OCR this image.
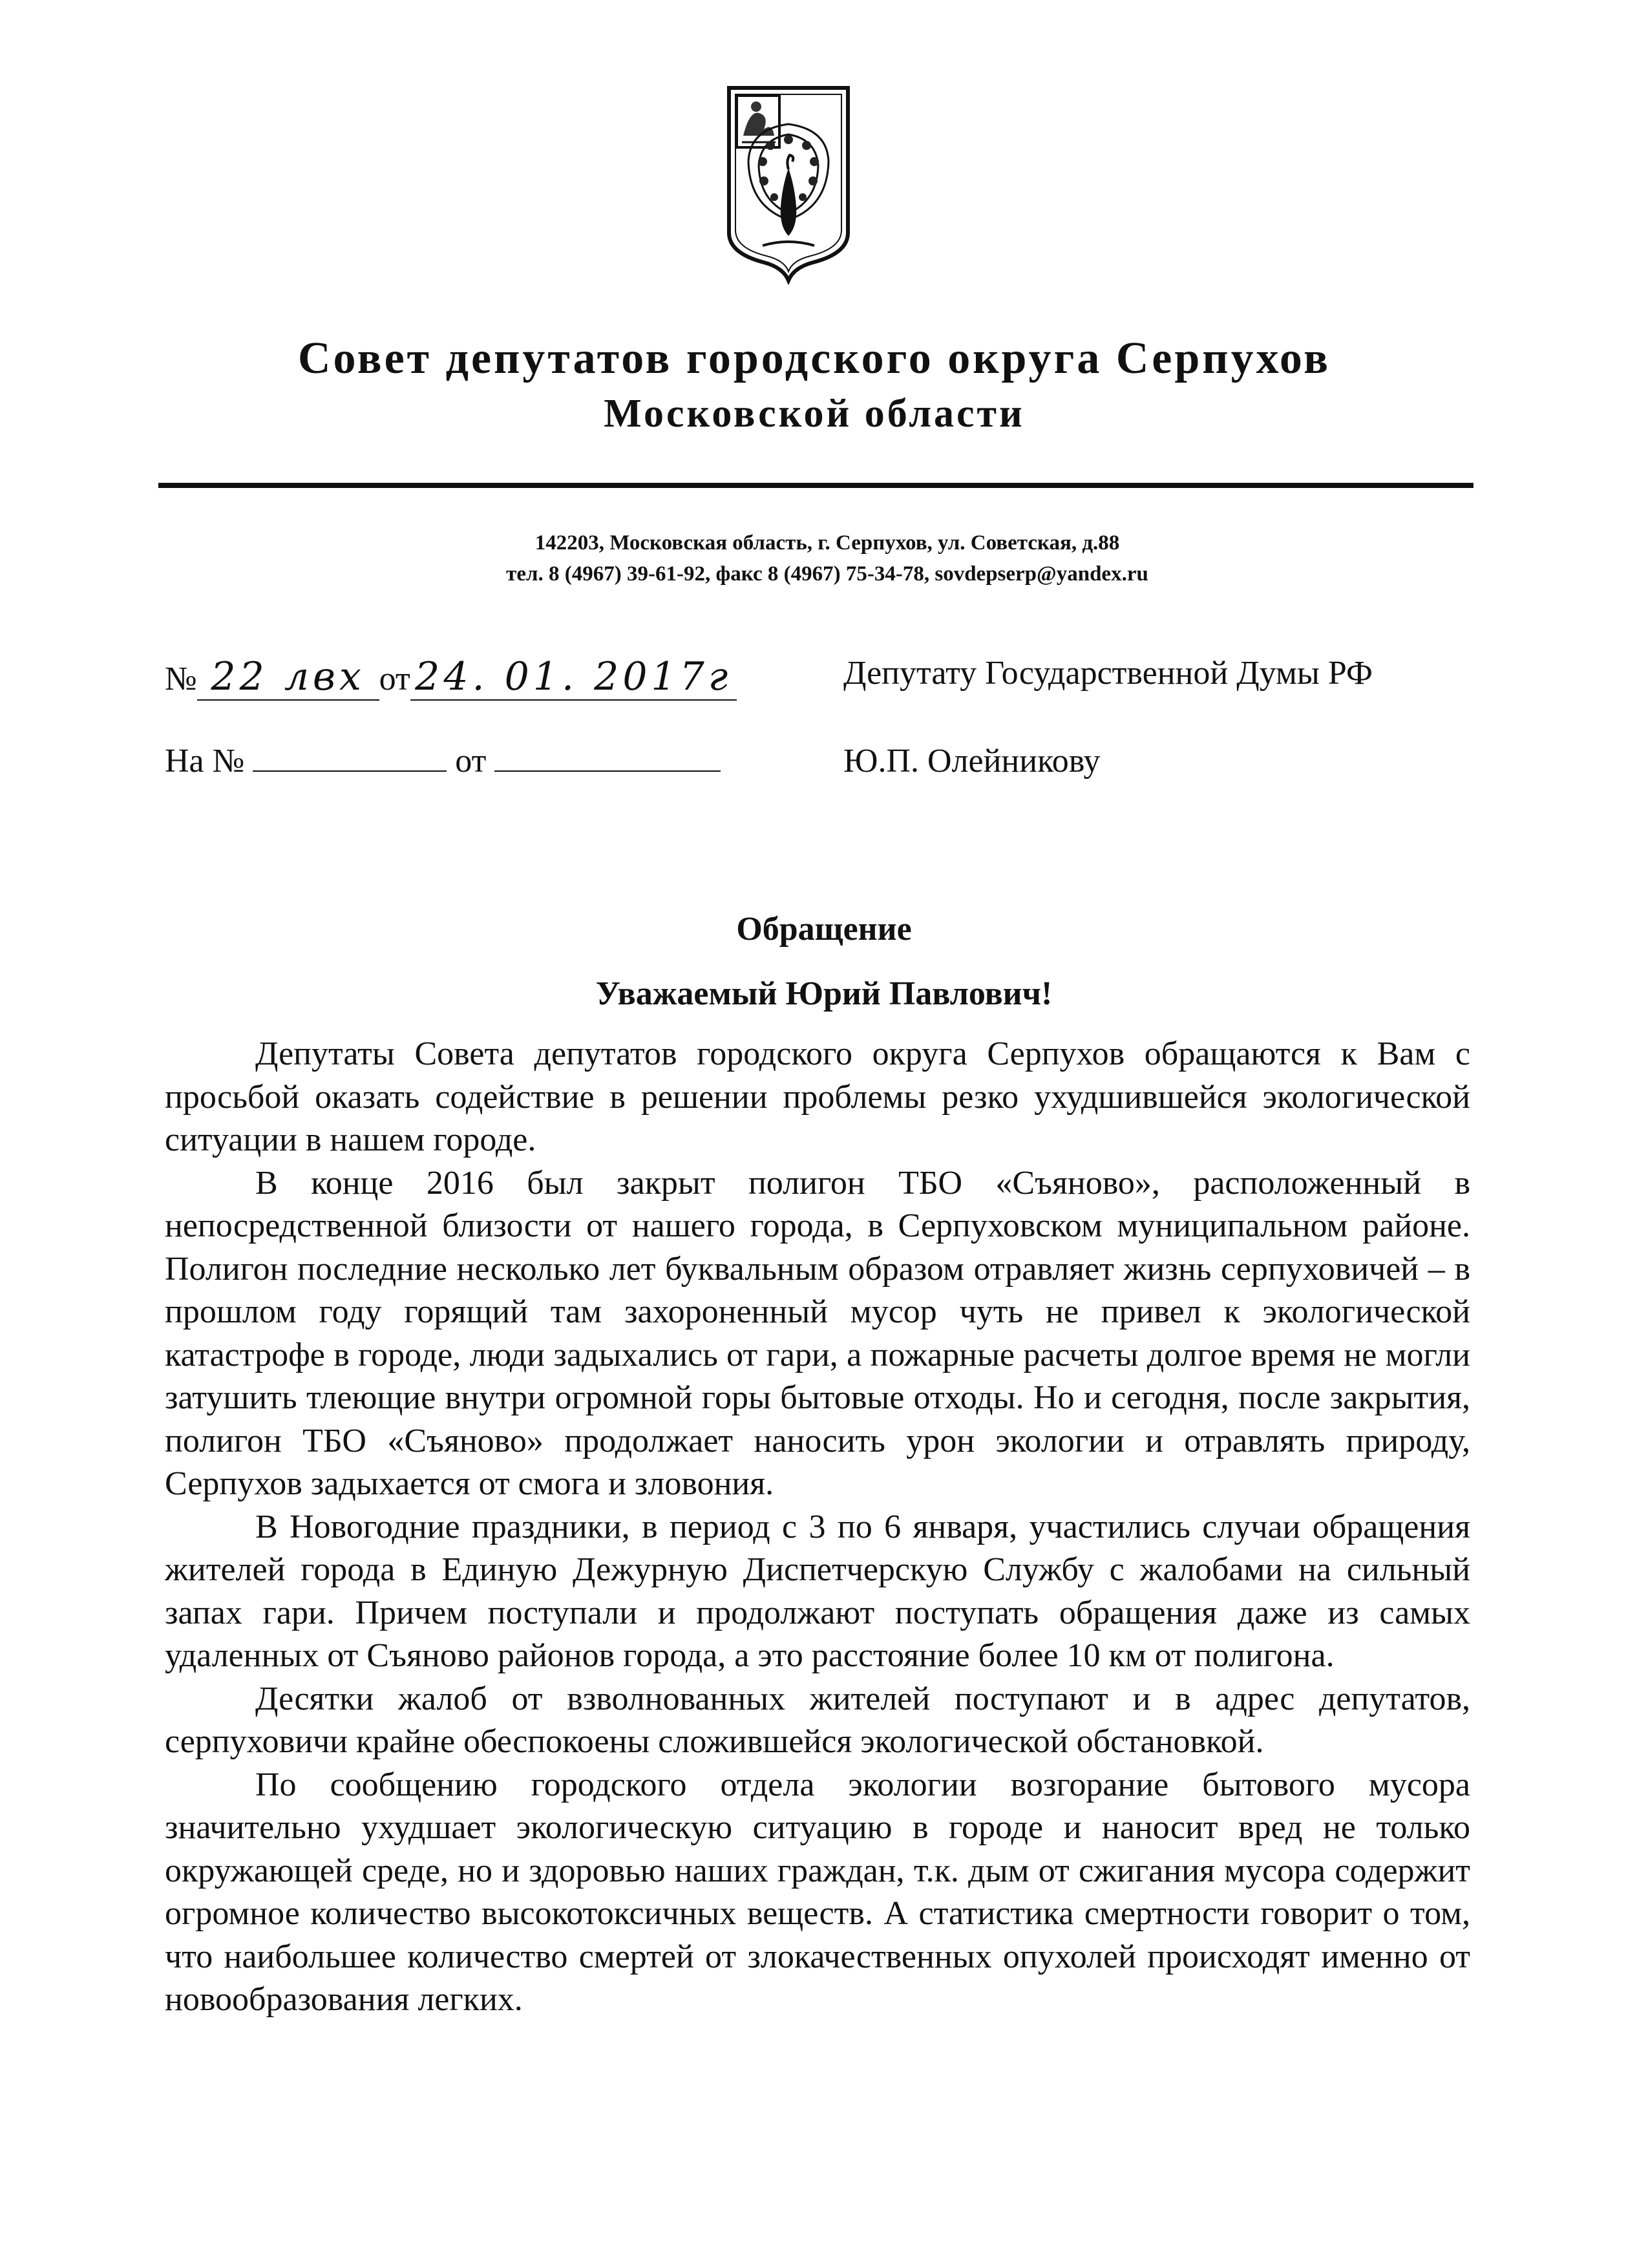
Совет депутатов городского округа Серпухов
Московской области
142203, Московская область, г. Серпухов, ул. Советская, д.88
тел. 8 (4967) 39-61-92, факс 8 (4967) 75-34-78, sovdepserp@yandex.ru
№ 22 лвх от 24. 01. 2017г
На №	от
Депутату Государственной Думы РФ
Ю.П. Олейникову
Обращение
Уважаемый Юрий Павлович!

Депутаты Совета депутатов городского округа Серпухов обращаются к Вам с просьбой оказать содействие в решении проблемы резко ухудшившейся экологической ситуации в нашем городе.

В конце 2016 был закрыт полигон ТБО «Съяново», расположенный в непосредственной близости от нашего города, в Серпуховском муниципальном районе. Полигон последние несколько лет буквальным образом отравляет жизнь серпуховичей – в прошлом году горящий там захороненный мусор чуть не привел к экологической катастрофе в городе, люди задыхались от гари, а пожарные расчеты долгое время не могли затушить тлеющие внутри огромной горы бытовые отходы. Но и сегодня, после закрытия, полигон ТБО «Съяново» продолжает наносить урон экологии и отравлять природу, Серпухов задыхается от смога и зловония.

В Новогодние праздники, в период с 3 по 6 января, участились случаи обращения жителей города в Единую Дежурную Диспетчерскую Службу с жалобами на сильный запах гари. Причем поступали и продолжают поступать обращения даже из самых удаленных от Съяново районов города, а это расстояние более 10 км от полигона.

Десятки жалоб от взволнованных жителей поступают и в адрес депутатов, серпуховичи крайне обеспокоены сложившейся экологической обстановкой.

По сообщению городского отдела экологии возгорание бытового мусора значительно ухудшает экологическую ситуацию в городе и наносит вред не только окружающей среде, но и здоровью наших граждан, т.к. дым от сжигания мусора содержит огромное количество высокотоксичных веществ. А статистика смертности говорит о том, что наибольшее количество смертей от злокачественных опухолей происходят именно от новообразования легких.
